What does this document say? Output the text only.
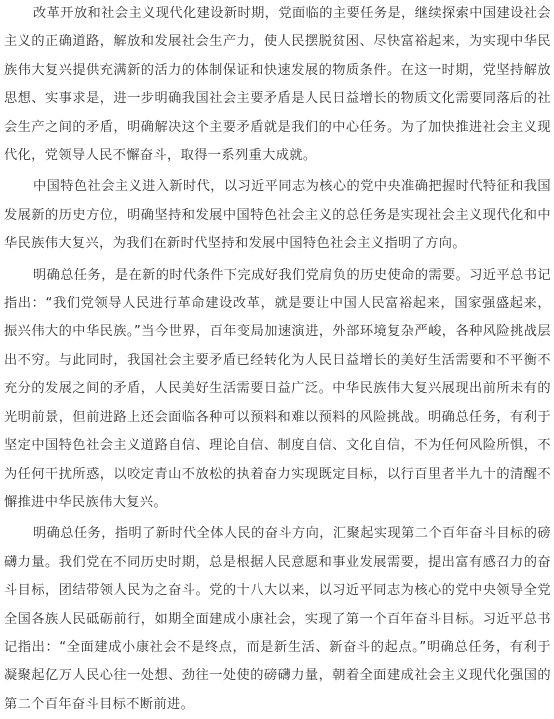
改革开放和社会主义现代化建设新时期，党面临的主要任务是，继续探索中国建设社会主义的正确道路，解放和发展社会生产力，使人民摆脱贫困、尽快富裕起来，为实现中华民族伟大复兴提供充满新的活力的体制保证和快速发展的物质条件。在这一时期，党坚持解放思想、实事求是，进一步明确我国社会主要矛盾是人民日益增长的物质文化需要同落后的社会生产之间的矛盾，明确解决这个主要矛盾就是我们的中心任务。为了加快推进社会主义现代化，党领导人民不懈奋斗，取得一系列重大成就。

中国特色社会主义进入新时代，以习近平同志为核心的党中央准确把握时代特征和我国发展新的历史方位，明确坚持和发展中国特色社会主义的总任务是实现社会主义现代化和中华民族伟大复兴，为我们在新时代坚持和发展中国特色社会主义指明了方向。

明确总任务，是在新的时代条件下完成好我们党肩负的历史使命的需要。习近平总书记指出：“我们党领导人民进行革命建设改革，就是要让中国人民富裕起来，国家强盛起来，振兴伟大的中华民族。”当今世界，百年变局加速演进，外部环境复杂严峻，各种风险挑战层出不穷。与此同时，我国社会主要矛盾已经转化为人民日益增长的美好生活需要和不平衡不充分的发展之间的矛盾，人民美好生活需要日益广泛。中华民族伟大复兴展现出前所未有的光明前景，但前进路上还会面临各种可以预料和难以预料的风险挑战。明确总任务，有利于坚定中国特色社会主义道路自信、理论自信、制度自信、文化自信，不为任何风险所惧，不为任何干扰所惑，以咬定青山不放松的执着奋力实现既定目标，以行百里者半九十的清醒不懈推进中华民族伟大复兴。

明确总任务，指明了新时代全体人民的奋斗方向，汇聚起实现第二个百年奋斗目标的磅礴力量。我们党在不同历史时期，总是根据人民意愿和事业发展需要，提出富有感召力的奋斗目标，团结带领人民为之奋斗。党的十八大以来，以习近平同志为核心的党中央领导全党全国各族人民砥砺前行，如期全面建成小康社会，实现了第一个百年奋斗目标。习近平总书记指出：“全面建成小康社会不是终点，而是新生活、新奋斗的起点。”明确总任务，有利于凝聚起亿万人民心往一处想、劲往一处使的磅礴力量，朝着全面建成社会主义现代化强国的第二个百年奋斗目标不断前进。
